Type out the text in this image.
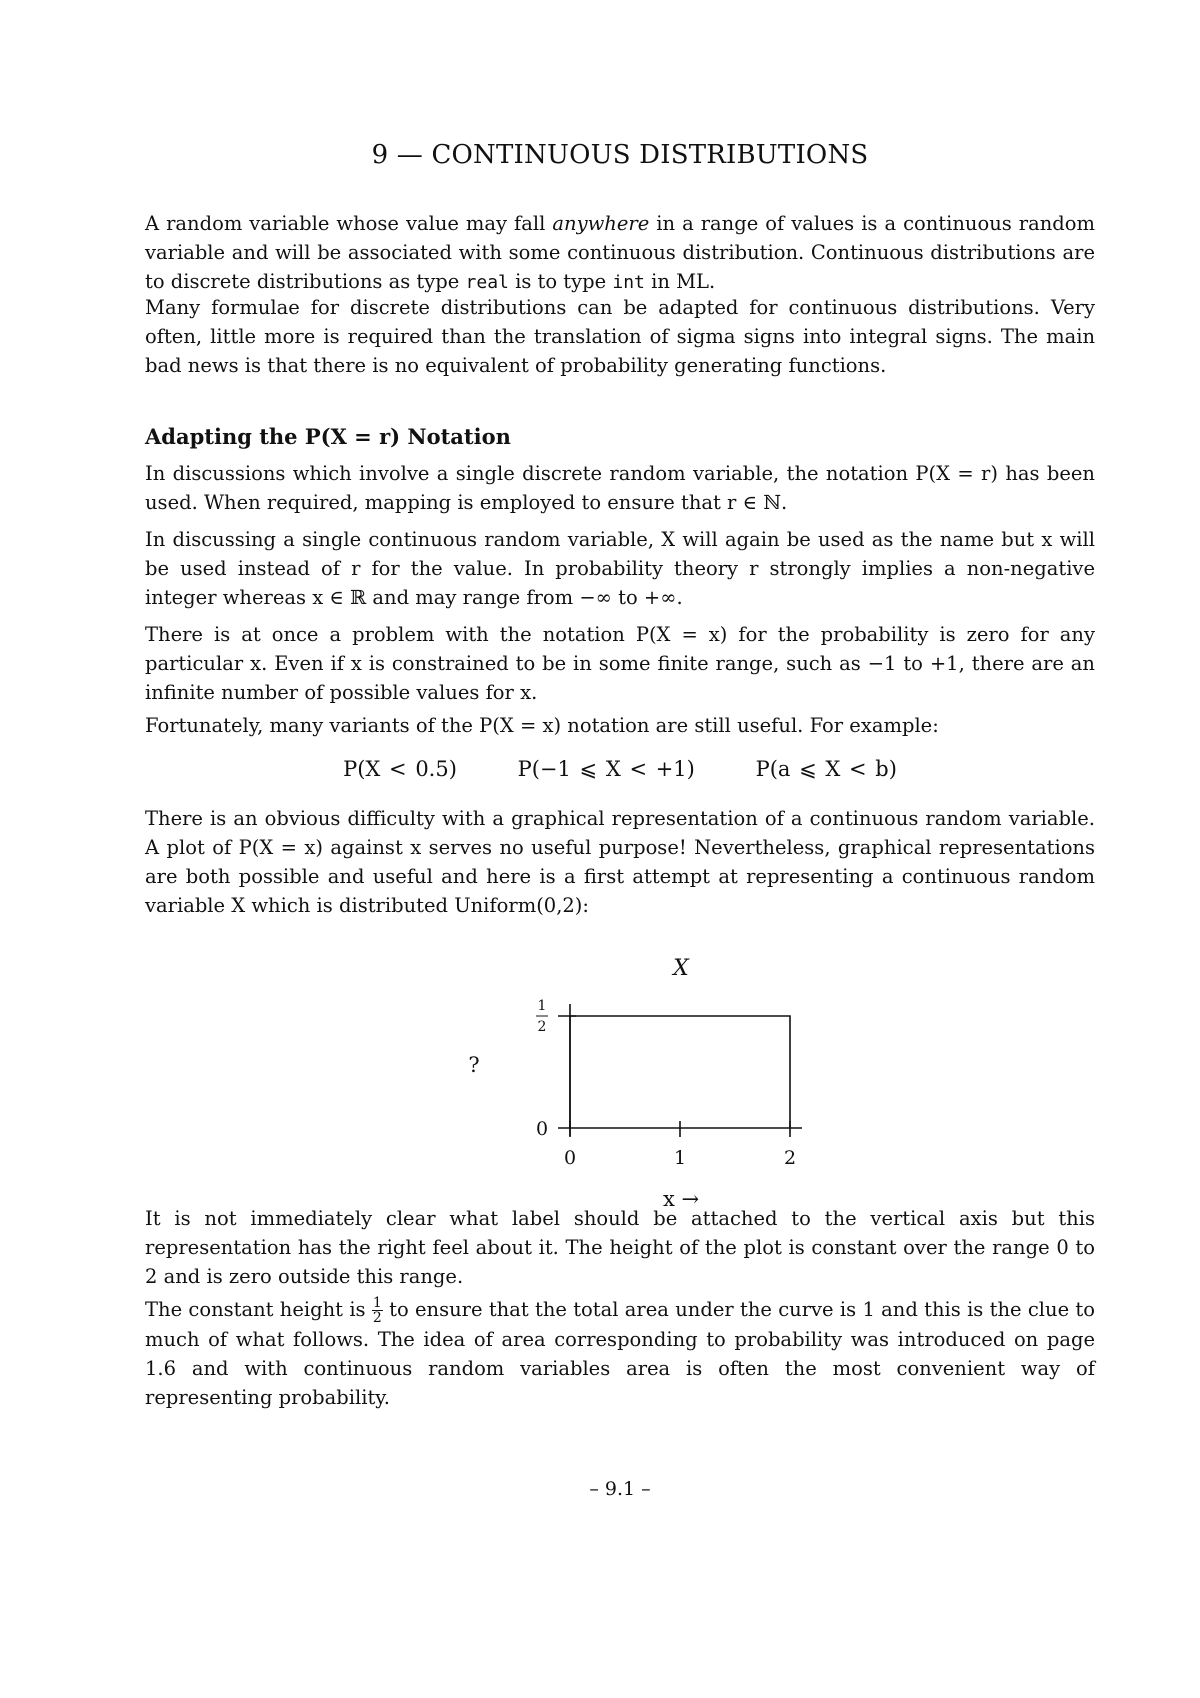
9 — CONTINUOUS DISTRIBUTIONS

A random variable whose value may fall anywhere in a range of values is a continuous random variable and will be associated with some continuous distribution. Continuous distributions are to discrete distributions as type real is to type int in ML.

Many formulae for discrete distributions can be adapted for continuous distributions. Very often, little more is required than the translation of sigma signs into integral signs. The main bad news is that there is no equivalent of probability generating functions.

Adapting the P(X = r) Notation

In discussions which involve a single discrete random variable, the notation P(X = r) has been used. When required, mapping is employed to ensure that r ∈ ℕ.

In discussing a single continuous random variable, X will again be used as the name but x will be used instead of r for the value. In probability theory r strongly implies a non-negative integer whereas x ∈ ℝ and may range from −∞ to +∞.

There is at once a problem with the notation P(X = x) for the probability is zero for any particular x. Even if x is constrained to be in some finite range, such as −1 to +1, there are an infinite number of possible values for x.

Fortunately, many variants of the P(X = x) notation are still useful. For example:

P(X < 0.5)	P(−1 ⩽ X < +1)	P(a ⩽ X < b)

There is an obvious difficulty with a graphical representation of a continuous random variable. A plot of P(X = x) against x serves no useful purpose! Nevertheless, graphical representations are both possible and useful and here is a first attempt at representing a continuous random variable X which is distributed Uniform(0,2):

It is not immediately clear what label should be attached to the vertical axis but this representation has the right feel about it. The height of the plot is constant over the range 0 to 2 and is zero outside this range.

The constant height is $\frac{1}{2}$ to ensure that the total area under the curve is 1 and this is the clue to much of what follows. The idea of area corresponding to probability was introduced on page 1.6 and with continuous random variables area is often the most convenient way of representing probability.

– 9.1 –
X
?
x →
0	1	2
0
1
2
